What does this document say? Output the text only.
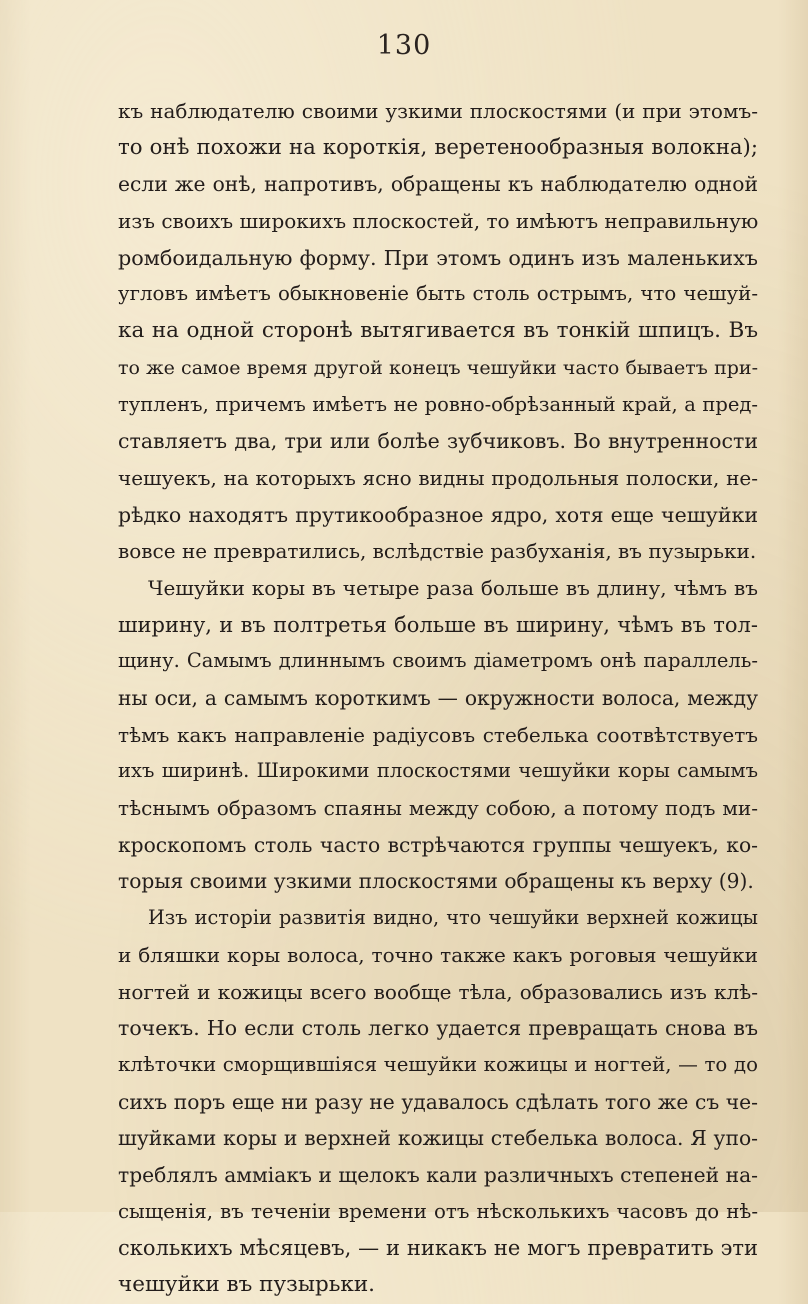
130
къ наблюдателю своими узкими плоскостями (и при этомъ-
то онѣ похожи на короткія, веретенообразныя волокна);
если же онѣ, напротивъ, обращены къ наблюдателю одной
изъ своихъ широкихъ плоскостей, то имѣютъ неправильную
ромбоидальную форму. При этомъ одинъ изъ маленькихъ
угловъ имѣетъ обыкновеніе быть столь острымъ, что чешуй-
ка на одной сторонѣ вытягивается въ тонкій шпицъ. Въ
то же самое время другой конецъ чешуйки часто бываетъ при-
тупленъ, причемъ имѣетъ не ровно-обрѣзанный край, а пред-
ставляетъ два, три или болѣе зубчиковъ. Во внутренности
чешуекъ, на которыхъ ясно видны продольныя полоски, не-
рѣдко находятъ прутикообразное ядро, хотя еще чешуйки
вовсе не превратились, вслѣдствіе разбуханія, въ пузырьки.
Чешуйки коры въ четыре раза больше въ длину, чѣмъ въ
ширину, и въ полтретья больше въ ширину, чѣмъ въ тол-
щину. Самымъ длиннымъ своимъ діаметромъ онѣ параллель-
ны оси, а самымъ короткимъ — окружности волоса, между
тѣмъ какъ направленіе радіусовъ стебелька соотвѣтствуетъ
ихъ ширинѣ. Широкими плоскостями чешуйки коры самымъ
тѣснымъ образомъ спаяны между собою, а потому подъ ми-
кроскопомъ столь часто встрѣчаются группы чешуекъ, ко-
торыя своими узкими плоскостями обращены къ верху (9).
Изъ исторіи развитія видно, что чешуйки верхней кожицы
и бляшки коры волоса, точно также какъ роговыя чешуйки
ногтей и кожицы всего вообще тѣла, образовались изъ клѣ-
точекъ. Но если столь легко удается превращать снова въ
клѣточки сморщившіяся чешуйки кожицы и ногтей, — то до
сихъ поръ еще ни разу не удавалось сдѣлать того же съ че-
шуйками коры и верхней кожицы стебелька волоса. Я упо-
треблялъ амміакъ и щелокъ кали различныхъ степеней на-
сыщенія, въ теченіи времени отъ нѣсколькихъ часовъ до нѣ-
сколькихъ мѣсяцевъ, — и никакъ не могъ превратить эти
чешуйки въ пузырьки.
